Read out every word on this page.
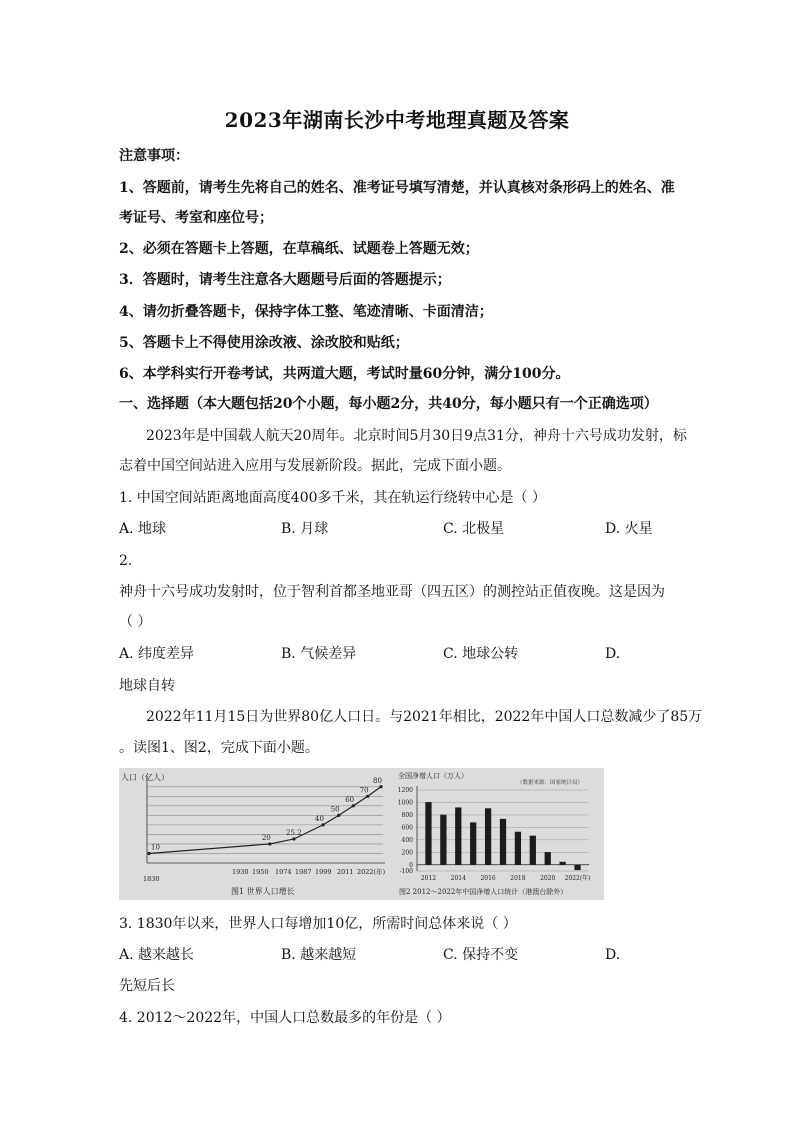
2023年湖南长沙中考地理真题及答案
注意事项：
1、答题前，请考生先将自己的姓名、准考证号填写清楚，并认真核对条形码上的姓名、准
考证号、考室和座位号；
2、必须在答题卡上答题，在草稿纸、试题卷上答题无效；
3．答题时，请考生注意各大题题号后面的答题提示；
4、请勿折叠答题卡，保持字体工整、笔迹清晰、卡面清洁；
5、答题卡上不得使用涂改液、涂改胶和贴纸；
6、本学科实行开卷考试，共两道大题，考试时量60分钟，满分100分。
一、选择题（本大题包括20个小题，每小题2分，共40分，每小题只有一个正确选项）
2023年是中国载人航天20周年。北京时间5月30日9点31分，神舟十六号成功发射，标
志着中国空间站进入应用与发展新阶段。据此，完成下面小题。
1. 中国空间站距离地面高度400多千米，其在轨运行绕转中心是（ ）
A. 地球	B. 月球	C. 北极星	D. 火星
2.
神舟十六号成功发射时，位于智利首都圣地亚哥（四五区）的测控站正值夜晚。这是因为
（ ）
A. 纬度差异	B. 气候差异	C. 地球公转	D.
地球自转
2022年11月15日为世界80亿人口日。与2021年相比，2022年中国人口总数减少了85万
。读图1、图2，完成下面小题。
人口（亿人）
10
20
25.2
40
50
60
70
80
1830
1930 1950 1974 1987 1999 2011 2022(年)
图1 世界人口增长
全国净增人口（万人）
（数据来源：国家统计局）
1200
1000
800
600
400
200
0
-100
2012 2014 2016 2018 2020 2022(年)
图2 2012～2022年中国净增人口统计（港澳台除外）
3. 1830年以来，世界人口每增加10亿，所需时间总体来说（ ）
A. 越来越长	B. 越来越短	C. 保持不变	D.
先短后长
4. 2012～2022年，中国人口总数最多的年份是（ ）
